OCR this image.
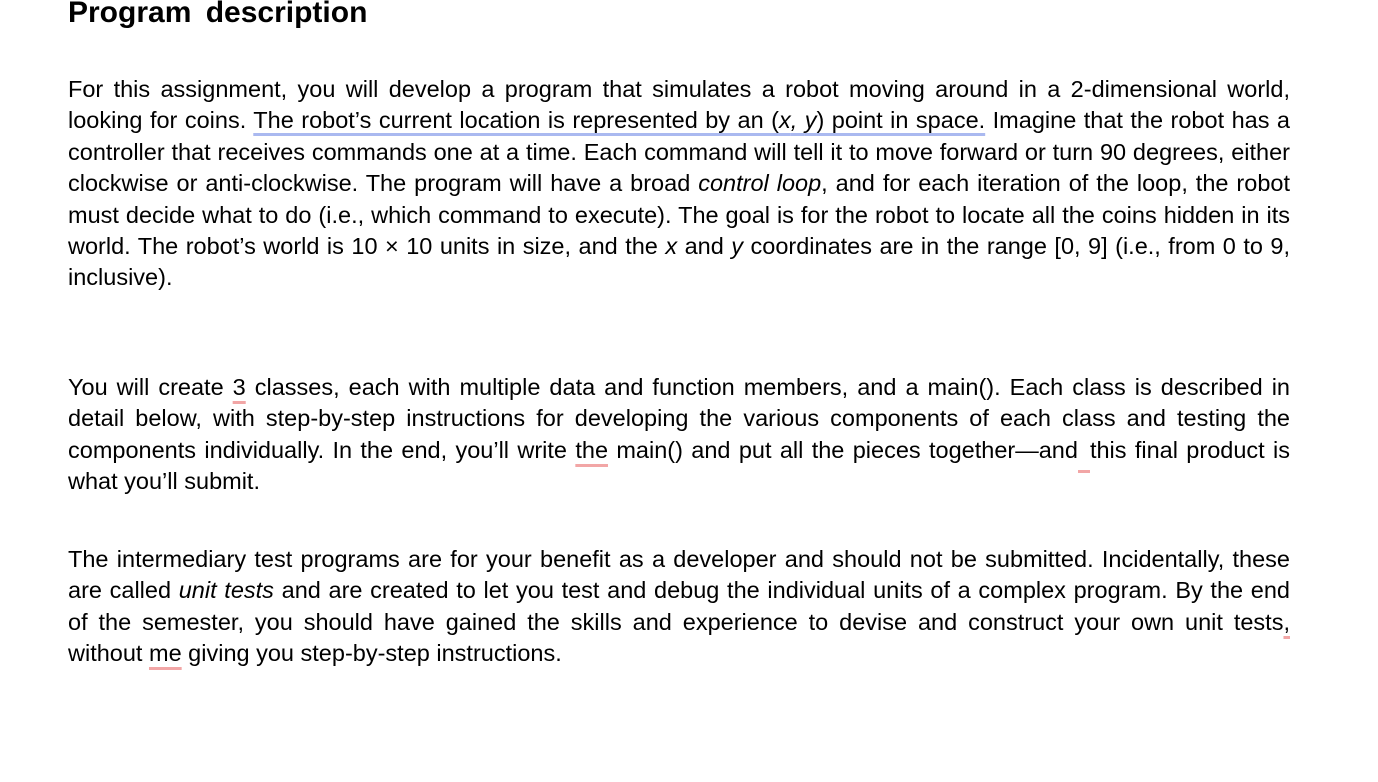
Program description

For this assignment, you will develop a program that simulates a robot moving around in a 2-dimensional world, looking for coins. The robot’s current location is represented by an (x, y) point in space. Imagine that the robot has a controller that receives commands one at a time. Each command will tell it to move forward or turn 90 degrees, either clockwise or anti-clockwise. The program will have a broad control loop, and for each iteration of the loop, the robot must decide what to do (i.e., which command to execute). The goal is for the robot to locate all the coins hidden in its world. The robot’s world is 10 × 10 units in size, and the x and y coordinates are in the range [0, 9] (i.e., from 0 to 9, inclusive).

You will create 3 classes, each with multiple data and function members, and a main(). Each class is described in detail below, with step-by-step instructions for developing the various components of each class and testing the components individually. In the end, you’ll write the main() and put all the pieces together—and this final product is what you’ll submit.

The intermediary test programs are for your benefit as a developer and should not be submitted. Incidentally, these are called unit tests and are created to let you test and debug the individual units of a complex program. By the end of the semester, you should have gained the skills and experience to devise and construct your own unit tests, without me giving you step-by-step instructions.
